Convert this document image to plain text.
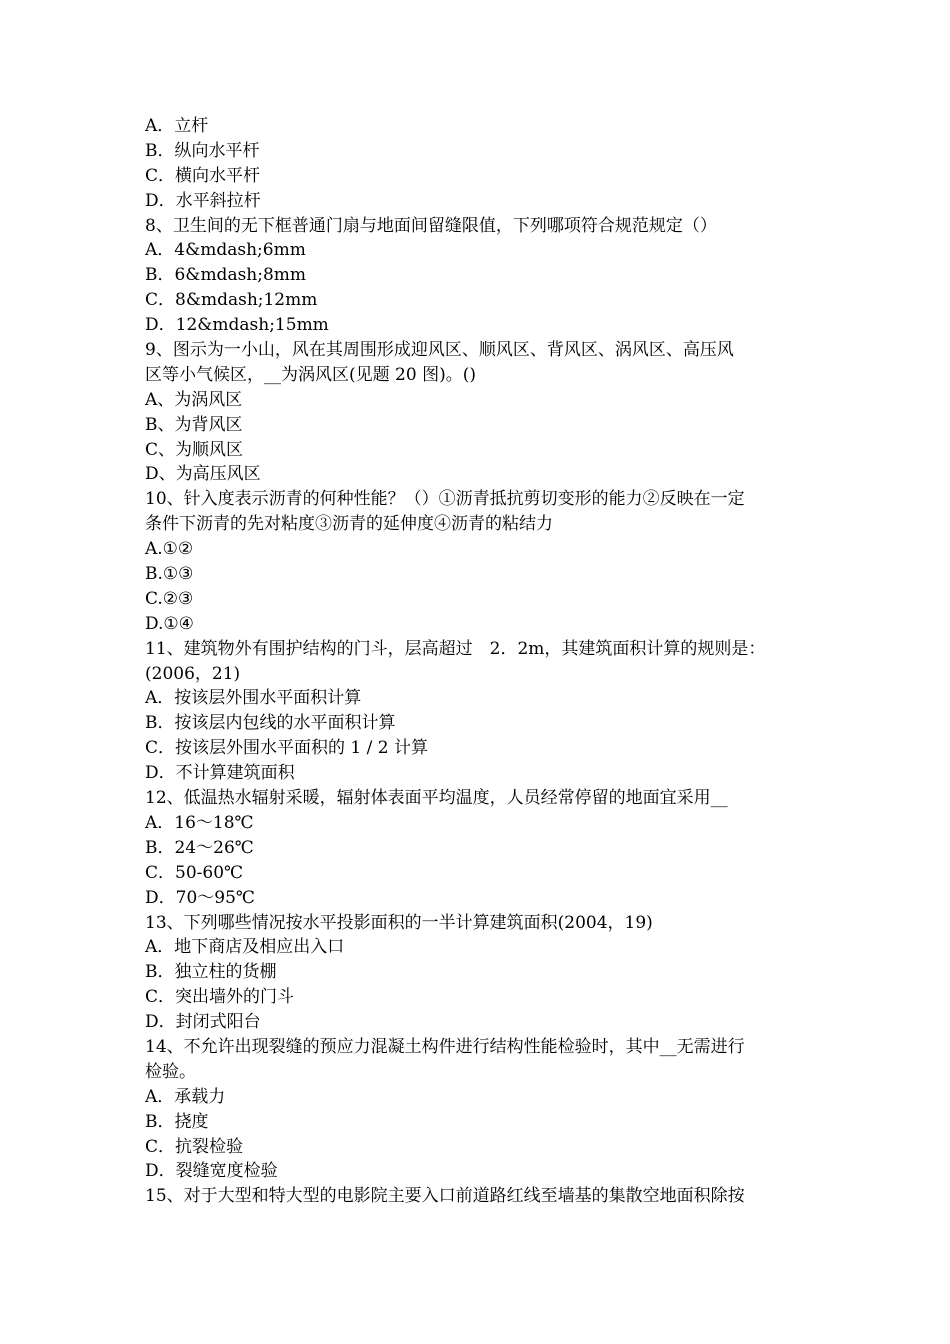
A．立杆
B．纵向水平杆
C．横向水平杆
D．水平斜拉杆
8、卫生间的无下框普通门扇与地面间留缝限值，下列哪项符合规范规定（）
A．4&mdash;6mm
B．6&mdash;8mm
C．8&mdash;12mm
D．12&mdash;15mm
9、图示为一小山，风在其周围形成迎风区、顺风区、背风区、涡风区、高压风
区等小气候区，__为涡风区(见题 20 图)。()
A、为涡风区
B、为背风区
C、为顺风区
D、为高压风区
10、针入度表示沥青的何种性能？（）①沥青抵抗剪切变形的能力②反映在一定
条件下沥青的先对粘度③沥青的延伸度④沥青的粘结力
A.①②
B.①③
C.②③
D.①④
11、建筑物外有围护结构的门斗，层高超过　2．2m，其建筑面积计算的规则是：
(2006，21)
A．按该层外围水平面积计算
B．按该层内包线的水平面积计算
C．按该层外围水平面积的 1 / 2 计算
D．不计算建筑面积
12、低温热水辐射采暖，辐射体表面平均温度，人员经常停留的地面宜采用__
A．16～18℃
B．24～26℃
C．50-60℃
D．70～95℃
13、下列哪些情况按水平投影面积的一半计算建筑面积(2004，19)
A．地下商店及相应出入口
B．独立柱的货棚
C．突出墙外的门斗
D．封闭式阳台
14、不允许出现裂缝的预应力混凝土构件进行结构性能检验时，其中__无需进行
检验。
A．承载力
B．挠度
C．抗裂检验
D．裂缝宽度检验
15、对于大型和特大型的电影院主要入口前道路红线至墙基的集散空地面积除按
